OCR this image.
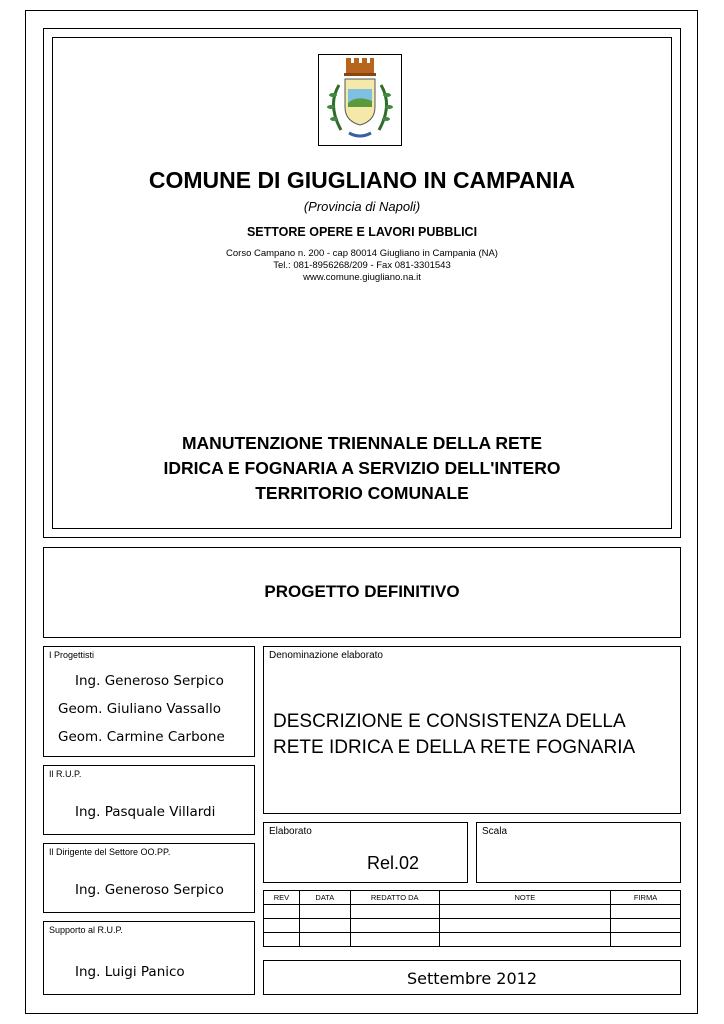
COMUNE DI GIUGLIANO IN CAMPANIA
(Provincia di Napoli)
SETTORE OPERE E LAVORI PUBBLICI
Corso Campano n. 200 - cap 80014 Giugliano in Campania (NA)
Tel.: 081-8956268/209 - Fax 081-3301543
www.comune.giugliano.na.it
MANUTENZIONE TRIENNALE DELLA RETE
IDRICA E FOGNARIA A SERVIZIO DELL'INTERO
TERRITORIO COMUNALE
PROGETTO DEFINITIVO
I Progettisti
Ing. Generoso Serpico
Geom. Giuliano Vassallo
Geom. Carmine Carbone
Il R.U.P.
Ing. Pasquale Villardi
Il Dirigente del Settore OO.PP.
Ing. Generoso Serpico
Supporto al R.U.P.
Ing. Luigi Panico
Denominazione elaborato
DESCRIZIONE E CONSISTENZA DELLA
RETE IDRICA E DELLA RETE FOGNARIA
Elaborato
Rel.02
Scala
REV	DATA	REDATTO DA	NOTE	FIRMA

Settembre 2012
